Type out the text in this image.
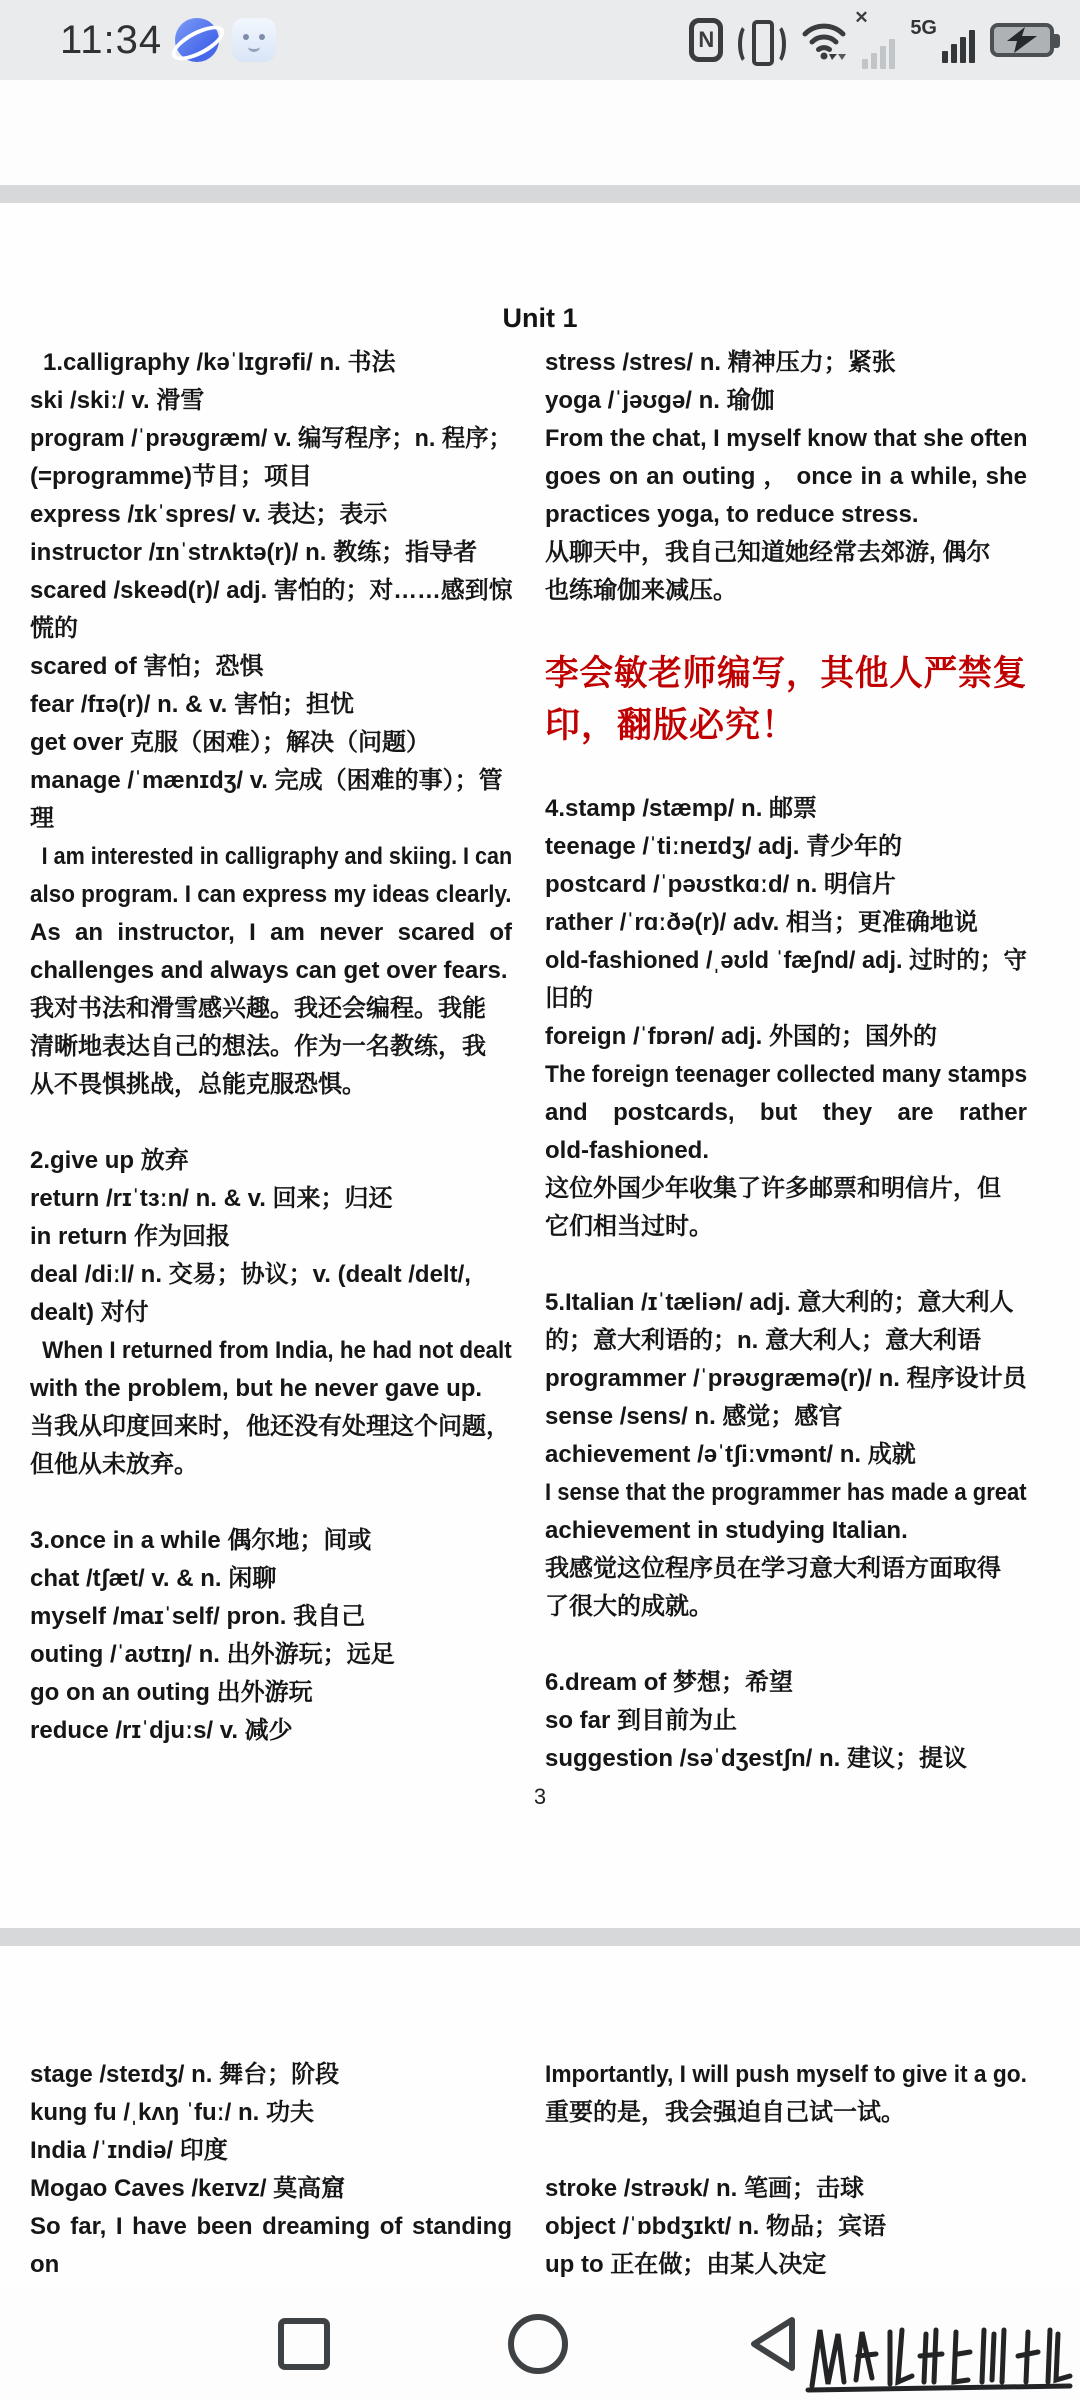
11:34	N
✕ 5G
Unit 1
1.calligraphy /kəˈlɪɡrəfi/ n. 书法
ski /skiː/ v. 滑雪
program /ˈprəʊɡræm/ v. 编写程序；n. 程序；
(=programme)节目；项目
express /ɪkˈspres/ v. 表达；表示
instructor /ɪnˈstrʌktə(r)/ n. 教练；指导者
scared /skeəd(r)/ adj. 害怕的；对……感到惊
慌的
scared of 害怕；恐惧
fear /fɪə(r)/ n. & v. 害怕；担忧
get over 克服（困难）；解决（问题）
manage /ˈmænɪdʒ/ v. 完成（困难的事）；管
理
I am interested in calligraphy and skiing. I can
also program. I can express my ideas clearly.
As an instructor, I am never scared of
challenges and always can get over fears.
我对书法和滑雪感兴趣。我还会编程。我能
清晰地表达自己的想法。作为一名教练，我
从不畏惧挑战，总能克服恐惧。
2.give up 放弃
return /rɪˈtɜːn/ n. & v. 回来；归还
in return 作为回报
deal /diːl/ n. 交易；协议；v. (dealt /delt/,
dealt) 对付
When I returned from India, he had not dealt
with the problem, but he never gave up.
当我从印度回来时，他还没有处理这个问题，
但他从未放弃。
3.once in a while 偶尔地；间或
chat /tʃæt/ v. & n. 闲聊
myself /maɪˈself/ pron. 我自己
outing /ˈaʊtɪŋ/ n. 出外游玩；远足
go on an outing 出外游玩
reduce /rɪˈdjuːs/ v. 减少
stress /stres/ n. 精神压力；紧张
yoga /ˈjəʊɡə/ n. 瑜伽
From the chat, I myself know that she often
goes on an outing ， once in a while, she
practices yoga, to reduce stress.
从聊天中，我自己知道她经常去郊游, 偶尔
也练瑜伽来减压。
李会敏老师编写，其他人严禁复
印，翻版必究！
4.stamp /stæmp/ n. 邮票
teenage /ˈtiːneɪdʒ/ adj. 青少年的
postcard /ˈpəʊstkɑːd/ n. 明信片
rather /ˈrɑːðə(r)/ adv. 相当；更准确地说
old-fashioned /ˌəʊld ˈfæʃnd/ adj. 过时的；守
旧的
foreign /ˈfɒrən/ adj. 外国的；国外的
The foreign teenager collected many stamps
and postcards, but they are rather
old-fashioned.
这位外国少年收集了许多邮票和明信片，但
它们相当过时。
5.Italian /ɪˈtæliən/ adj. 意大利的；意大利人
的；意大利语的；n. 意大利人；意大利语
programmer /ˈprəʊɡræmə(r)/ n. 程序设计员
sense /sens/ n. 感觉；感官
achievement /əˈtʃiːvmənt/ n. 成就
I sense that the programmer has made a great
achievement in studying Italian.
我感觉这位程序员在学习意大利语方面取得
了很大的成就。
6.dream of 梦想；希望
so far 到目前为止
suggestion /səˈdʒestʃn/ n. 建议；提议
3
stage /steɪdʒ/ n. 舞台；阶段
kung fu /ˌkʌŋ ˈfuː/ n. 功夫
India /ˈɪndiə/ 印度
Mogao Caves /keɪvz/ 莫高窟
So far, I have been dreaming of standing on
Importantly, I will push myself to give it a go.
重要的是，我会强迫自己试一试。
stroke /strəʊk/ n. 笔画；击球
object /ˈɒbdʒɪkt/ n. 物品；宾语
up to 正在做；由某人决定
